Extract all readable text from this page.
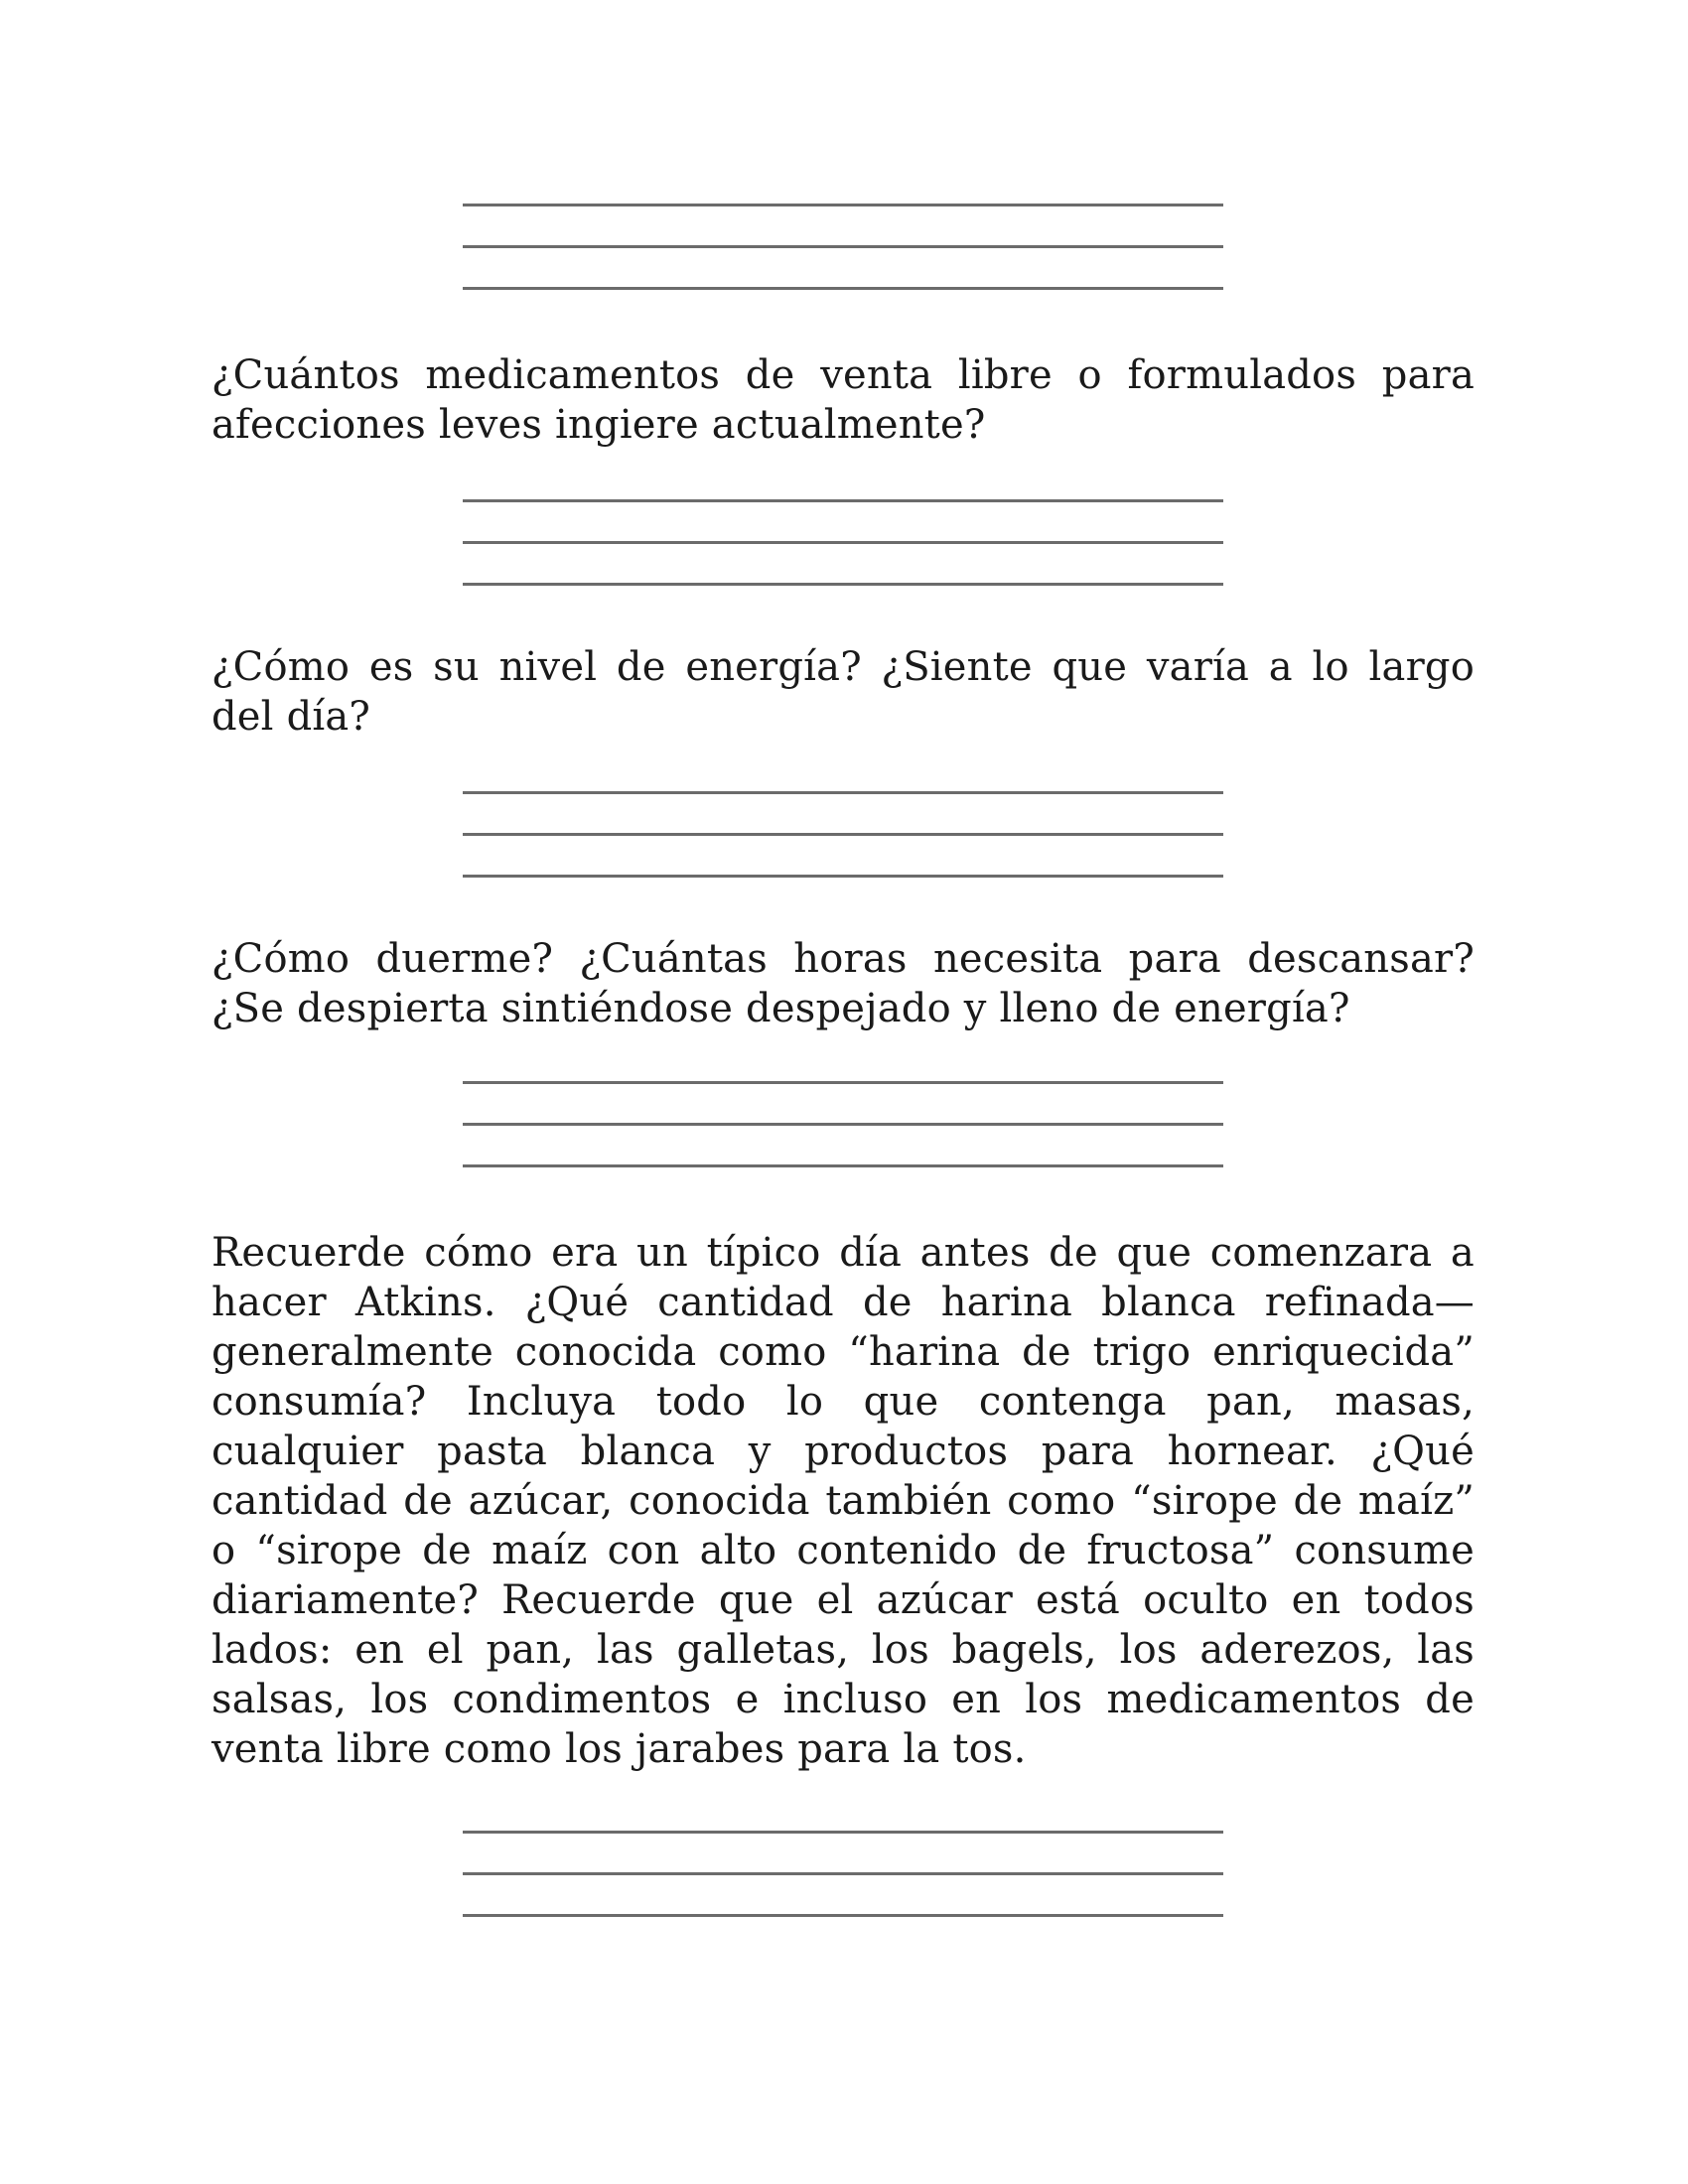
¿Cuántos medicamentos de venta libre o formulados para afecciones leves ingiere actualmente?

¿Cómo es su nivel de energía? ¿Siente que varía a lo largo del día?

¿Cómo duerme? ¿Cuántas horas necesita para descansar? ¿Se despierta sintiéndose despejado y lleno de energía?

Recuerde cómo era un típico día antes de que comenzara a hacer Atkins. ¿Qué cantidad de harina blanca refinada—generalmente conocida como “harina de trigo enriquecida” consumía? Incluya todo lo que contenga pan, masas, cualquier pasta blanca y productos para hornear. ¿Qué cantidad de azúcar, conocida también como “sirope de maíz” o “sirope de maíz con alto contenido de fructosa” consume diariamente? Recuerde que el azúcar está oculto en todos lados: en el pan, las galletas, los bagels, los aderezos, las salsas, los condimentos e incluso en los medicamentos de venta libre como los jarabes para la tos.
